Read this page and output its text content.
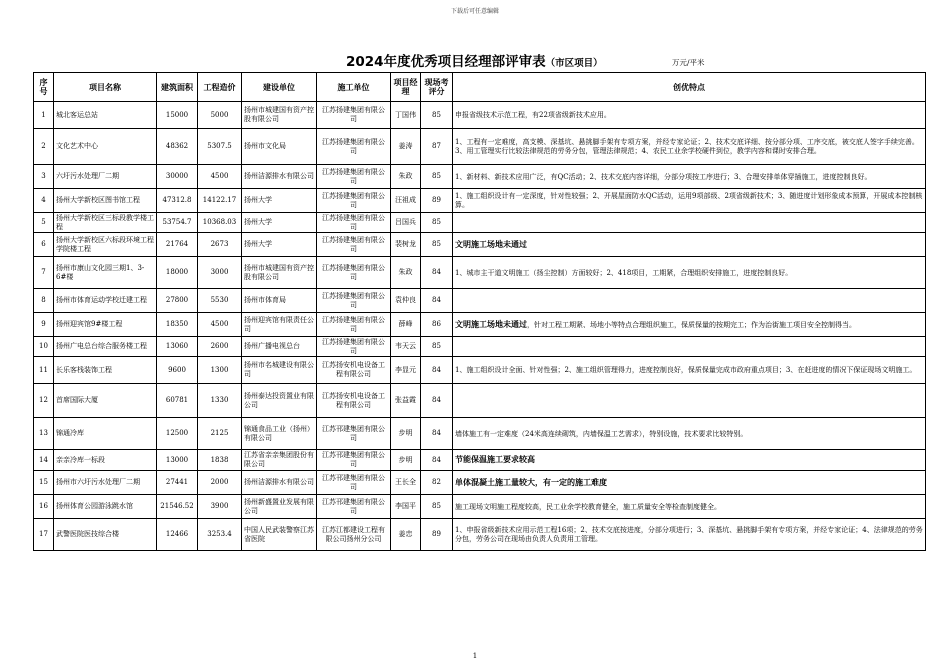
下载后可任意编辑
2024年度优秀项目经理部评审表（市区项目）	万元/平米
序号	项目名称	建筑面积	工程造价	建设单位	施工单位	项目经理	现场考评分	创优特点
1	城北客运总站	15000	5000	扬州市城建国有资产控股有限公司	江苏扬建集团有限公司	丁国伟	85	申报省级技术示范工程，有22项省级新技术应用。
2	文化艺术中心	48362	5307.5	扬州市文化局	江苏扬建集团有限公司	姜涛	87	1、工程有一定难度，高支模、深基坑、悬挑脚手架有专项方案，并经专家论证；2、技术交底详细、按分部分项、工序交底，被交底人签字手续完善。3、用工管理实行比较法律规范的劳务分包，管理法律规范；4、农民工业余学校硬件到位，教学内容和课时安排合理。
3	六圩污水处理厂二期	30000	4500	扬州洁源排水有限公司	江苏扬建集团有限公司	朱政	85	1、新材料、新技术应用广泛，有QC活动；2、技术交底内容详细，分部分项按工序进行；3、合理安排单体穿插施工，进度控制良好。
4	扬州大学新校区图书馆工程	47312.8	14122.17	扬州大学	江苏扬建集团有限公司	汪祖成	89	1、施工组织设计有一定深度，针对性较强；2、开展屋面防水QC活动，运用9项部级、2项省级新技术；3、随进度计划形象成本预算，开展成本控制核算。
5	扬州大学新校区三标段教学楼工程	53754.7	10368.03	扬州大学	江苏扬建集团有限公司	吕国兵	85	
6	扬州大学新校区六标段环境工程学院楼工程	21764	2673	扬州大学	江苏扬建集团有限公司	裴树龙	85	文明施工场地未通过
7	扬州市康山文化园三期1、3-6#楼	18000	3000	扬州市城建国有资产控股有限公司	江苏扬建集团有限公司	朱政	84	1、城市主干道文明施工（扬尘控制）方面较好；2、418项目，工期紧，合理组织安排施工，进度控制良好。
8	扬州市体育运动学校迁建工程	27800	5530	扬州市体育局	江苏扬建集团有限公司	袁仲良	84	
9	扬州迎宾馆9#楼工程	18350	4500	扬州迎宾馆有限责任公司	江苏扬建集团有限公司	薛峰	86	文明施工场地未通过，针对工程工期紧、场地小等特点合理组织施工，保质保量的按期完工；作为治街施工项目安全控制得当。
10	扬州广电总台综合服务楼工程	13060	2600	扬州广播电视总台	江苏扬建集团有限公司	韦天云	85	
11	长乐客栈装饰工程	9600	1300	扬州市名城建设有限公司	江苏扬安机电设备工程有限公司	李显元	84	1、施工组织设计全面、针对性强；2、施工组织管理得力，进度控制良好，保质保量完成市政府重点项目；3、在赶进度的情况下保证现场文明施工。
12	首席国际大厦	60781	1330	扬州泰达投资置业有限公司	江苏扬安机电设备工程有限公司	张益霞	84	
13	锦通冷库	12500	2125	锦通食品工业（扬州）有限公司	江苏邗建集团有限公司	步明	84	墙体施工有一定难度（24米高连续砌筑，内墙保温工艺需求），特别设施，技术要求比较特别。
14	亲亲冷库一标段	13000	1838	江苏省亲亲集团股份有限公司	江苏邗建集团有限公司	步明	84	节能保温施工要求较高
15	扬州市六圩污水处理厂二期	27441	2000	扬州洁源排水有限公司	江苏邗建集团有限公司	王长全	82	单体混凝土施工量较大，有一定的施工难度
16	扬州体育公园游泳跳水馆	21546.52	3900	扬州新盛置业发展有限公司	江苏邗建集团有限公司	李国平	85	施工现场文明施工程度较高，民工业余学校教育健全，施工质量安全等检查制度健全。
17	武警医院医技综合楼	12466	3253.4	中国人民武装警察江苏省医院	江苏江都建设工程有限公司扬州分公司	姜忠	89	1、申报省级新技术应用示范工程16项；2、技术交底按进度，分部分项进行；3、深基坑、悬挑脚手架有专项方案，并经专家论证；4、法律规范的劳务分包，劳务公司在现场由负责人负责用工管理。
1
